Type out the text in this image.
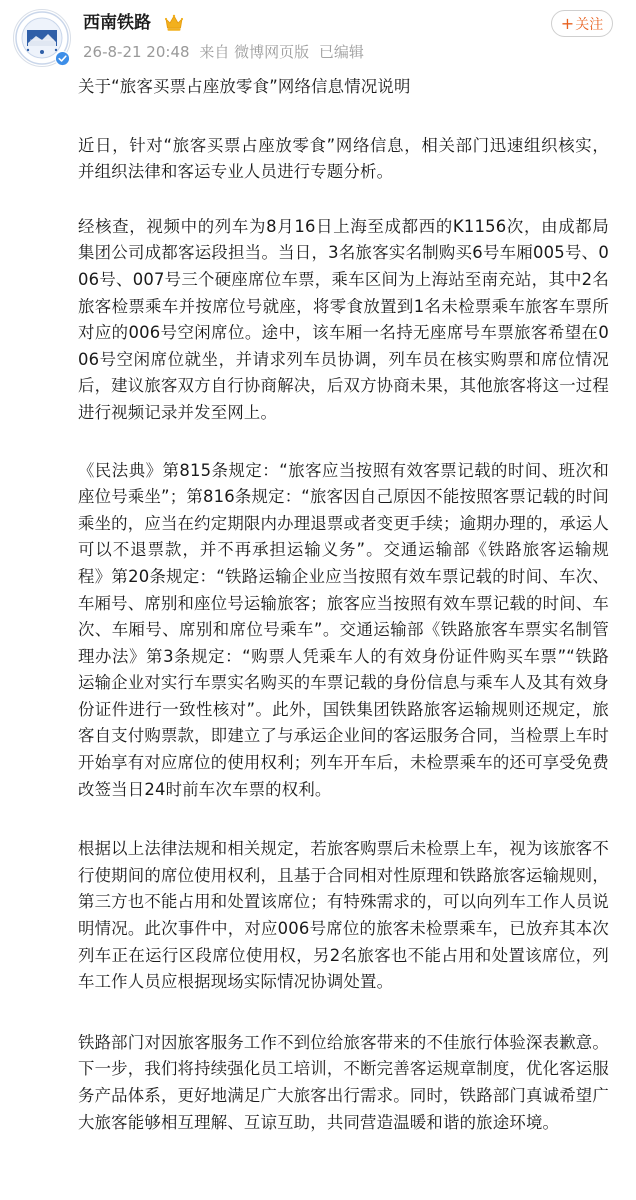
西南铁路
26-8-21 20:48 来自 微博网页版 已编辑
+ 关注

关于“旅客买票占座放零食”网络信息情况说明

近日，针对“旅客买票占座放零食”网络信息，相关部门迅速组织核实，并组织法律和客运专业人员进行专题分析。

经核查，视频中的列车为8月16日上海至成都西的K1156次，由成都局集团公司成都客运段担当。当日，3名旅客实名制购买6号车厢005号、006号、007号三个硬座席位车票，乘车区间为上海站至南充站，其中2名旅客检票乘车并按席位号就座，将零食放置到1名未检票乘车旅客车票所对应的006号空闲席位。途中，该车厢一名持无座席号车票旅客希望在006号空闲席位就坐，并请求列车员协调，列车员在核实购票和席位情况后，建议旅客双方自行协商解决，后双方协商未果，其他旅客将这一过程进行视频记录并发至网上。

《民法典》第815条规定：“旅客应当按照有效客票记载的时间、班次和座位号乘坐”；第816条规定：“旅客因自己原因不能按照客票记载的时间乘坐的，应当在约定期限内办理退票或者变更手续；逾期办理的，承运人可以不退票款，并不再承担运输义务”。交通运输部《铁路旅客运输规程》第20条规定：“铁路运输企业应当按照有效车票记载的时间、车次、车厢号、席别和座位号运输旅客；旅客应当按照有效车票记载的时间、车次、车厢号、席别和席位号乘车”。交通运输部《铁路旅客车票实名制管理办法》第3条规定：“购票人凭乘车人的有效身份证件购买车票”“铁路运输企业对实行车票实名购买的车票记载的身份信息与乘车人及其有效身份证件进行一致性核对”。此外，国铁集团铁路旅客运输规则还规定，旅客自支付购票款，即建立了与承运企业间的客运服务合同，当检票上车时开始享有对应席位的使用权利；列车开车后，未检票乘车的还可享受免费改签当日24时前车次车票的权利。

根据以上法律法规和相关规定，若旅客购票后未检票上车，视为该旅客不行使期间的席位使用权利，且基于合同相对性原理和铁路旅客运输规则，第三方也不能占用和处置该席位；有特殊需求的，可以向列车工作人员说明情况。此次事件中，对应006号席位的旅客未检票乘车，已放弃其本次列车正在运行区段席位使用权，另2名旅客也不能占用和处置该席位，列车工作人员应根据现场实际情况协调处置。

铁路部门对因旅客服务工作不到位给旅客带来的不佳旅行体验深表歉意。下一步，我们将持续强化员工培训，不断完善客运规章制度，优化客运服务产品体系，更好地满足广大旅客出行需求。同时，铁路部门真诚希望广大旅客能够相互理解、互谅互助，共同营造温暖和谐的旅途环境。
